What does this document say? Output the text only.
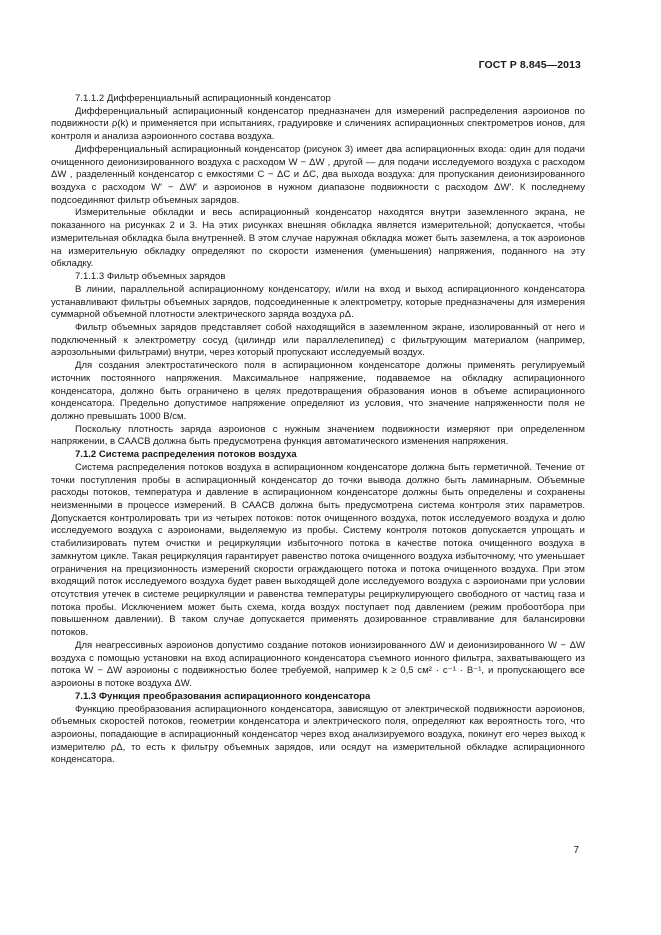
ГОСТ Р 8.845—2013

7.1.1.2 Дифференциальный аспирационный конденсатор

Дифференциальный аспирационный конденсатор предназначен для измерений распределения аэроионов по подвижности ρ(k) и применяется при испытаниях, градуировке и сличениях аспирационных спектрометров ионов, для контроля и анализа аэроионного состава воздуха.

Дифференциальный аспирационный конденсатор (рисунок 3) имеет два аспирационных входа: один для подачи очищенного деионизированного воздуха с расходом W − ΔW , другой — для подачи исследуемого воздуха с расходом ΔW , разделенный конденсатор с емкостями C − ΔC и ΔC, два выхода воздуха: для пропускания деионизированного воздуха с расходом W′ − ΔW′ и аэроионов в нужном диапазоне подвижности с расходом ΔW′. К последнему подсоединяют фильтр объемных зарядов.

Измерительные обкладки и весь аспирационный конденсатор находятся внутри заземленного экрана, не показанного на рисунках 2 и 3. На этих рисунках внешняя обкладка является измерительной; допускается, чтобы измерительная обкладка была внутренней. В этом случае наружная обкладка может быть заземлена, а ток аэроионов на измерительную обкладку определяют по скорости изменения (уменьшения) напряжения, поданного на эту обкладку.

7.1.1.3 Фильтр объемных зарядов

В линии, параллельной аспирационному конденсатору, и/или на вход и выход аспирационного конденсатора устанавливают фильтры объемных зарядов, подсоединенные к электрометру, которые предназначены для измерения суммарной объемной плотности электрического заряда воздуха ρΔ.

Фильтр объемных зарядов представляет собой находящийся в заземленном экране, изолированный от него и подключенный к электрометру сосуд (цилиндр или параллелепипед) с фильтрующим материалом (например, аэрозольными фильтрами) внутри, через который пропускают исследуемый воздух.

Для создания электростатического поля в аспирационном конденсаторе должны применять регулируемый источник постоянного напряжения. Максимальное напряжение, подаваемое на обкладку аспирационного конденсатора, должно быть ограничено в целях предотвращения образования ионов в объеме аспирационного конденсатора. Предельно допустимое напряжение определяют из условия, что значение напряженности поля не должно превышать 1000 В/см.

Поскольку плотность заряда аэроионов с нужным значением подвижности измеряют при определенном напряжении, в САACB должна быть предусмотрена функция автоматического изменения напряжения.

7.1.2 Система распределения потоков воздуха

Система распределения потоков воздуха в аспирационном конденсаторе должна быть герметичной. Течение от точки поступления пробы в аспирационный конденсатор до точки вывода должно быть ламинарным. Объемные расходы потоков, температура и давление в аспирационном конденсаторе должны быть определены и сохранены неизменными в процессе измерений. В САACB должна быть предусмотрена система контроля этих параметров. Допускается контролировать три из четырех потоков: поток очищенного воздуха, поток исследуемого воздуха и долю исследуемого воздуха с аэроионами, выделяемую из пробы. Систему контроля потоков допускается упрощать и стабилизировать путем очистки и рециркуляции избыточного потока в качестве потока очищенного воздуха в замкнутом цикле. Такая рециркуляция гарантирует равенство потока очищенного воздуха избыточному, что уменьшает ограничения на прецизионность измерений скорости ограждающего потока и потока очищенного воздуха. При этом входящий поток исследуемого воздуха будет равен выходящей доле исследуемого воздуха с аэроионами при условии отсутствия утечек в системе рециркуляции и равенства температуры рециркулирующего свободного от частиц газа и потока пробы. Исключением может быть схема, когда воздух поступает под давлением (режим пробоотбора при повышенном давлении). В таком случае допускается применять дозированное стравливание для балансировки потоков.

Для неагрессивных аэроионов допустимо создание потоков ионизированного ΔW и деионизированного W − ΔW воздуха с помощью установки на вход аспирационного конденсатора съемного ионного фильтра, захватывающего из потока W − ΔW аэроионы с подвижностью более требуемой, например k ≥ 0,5 см² · с⁻¹ · В⁻¹, и пропускающего все аэроионы в потоке воздуха ΔW.

7.1.3 Функция преобразования аспирационного конденсатора

Функцию преобразования аспирационного конденсатора, зависящую от электрической подвижности аэроионов, объемных скоростей потоков, геометрии конденсатора и электрического поля, определяют как вероятность того, что аэроионы, попадающие в аспирационный конденсатор через вход анализируемого воздуха, покинут его через выход к измерителю ρΔ, то есть к фильтру объемных зарядов, или осядут на измерительной обкладке аспирационного конденсатора.

7
